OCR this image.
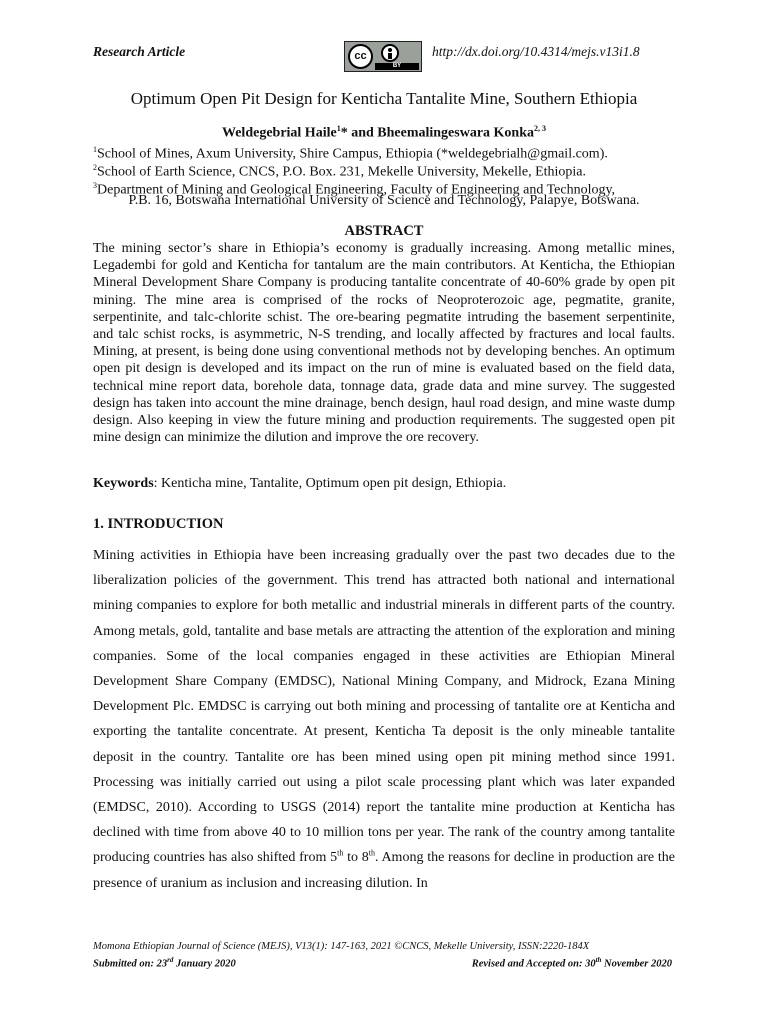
Research Article	cc
BY
http://dx.doi.org/10.4314/mejs.v13i1.8
Optimum Open Pit Design for Kenticha Tantalite Mine, Southern Ethiopia
Weldegebrial Haile$^1$* and Bheemalingeswara Konka$^{2, 3}$
$^1$School of Mines, Axum University, Shire Campus, Ethiopia (*weldegebrialh@gmail.com).
$^2$School of Earth Science, CNCS, P.O. Box. 231, Mekelle University, Mekelle, Ethiopia.
$^3$Department of Mining and Geological Engineering, Faculty of Engineering and Technology,
P.B. 16, Botswana International University of Science and Technology, Palapye, Botswana.
ABSTRACT

The mining sector’s share in Ethiopia’s economy is gradually increasing. Among metallic mines, Legadembi for gold and Kenticha for tantalum are the main contributors. At Kenticha, the Ethiopian Mineral Development Share Company is producing tantalite concentrate of 40-60% grade by open pit mining. The mine area is comprised of the rocks of Neoproterozoic age, pegmatite, granite, serpentinite, and talc-chlorite schist. The ore-bearing pegmatite intruding the basement serpentinite, and talc schist rocks, is asymmetric, N-S trending, and locally affected by fractures and local faults. Mining, at present, is being done using conventional methods not by developing benches. An optimum open pit design is developed and its impact on the run of mine is evaluated based on the field data, technical mine report data, borehole data, tonnage data, grade data and mine survey. The suggested design has taken into account the mine drainage, bench design, haul road design, and mine waste dump design. Also keeping in view the future mining and production requirements. The suggested open pit mine design can minimize the dilution and improve the ore recovery.

Keywords: Kenticha mine, Tantalite, Optimum open pit design, Ethiopia.

1. INTRODUCTION

Mining activities in Ethiopia have been increasing gradually over the past two decades due to the liberalization policies of the government. This trend has attracted both national and international mining companies to explore for both metallic and industrial minerals in different parts of the country. Among metals, gold, tantalite and base metals are attracting the attention of the exploration and mining companies. Some of the local companies engaged in these activities are Ethiopian Mineral Development Share Company (EMDSC), National Mining Company, and Midrock, Ezana Mining Development Plc. EMDSC is carrying out both mining and processing of tantalite ore at Kenticha and exporting the tantalite concentrate. At present, Kenticha Ta deposit is the only mineable tantalite deposit in the country. Tantalite ore has been mined using open pit mining method since 1991. Processing was initially carried out using a pilot scale processing plant which was later expanded (EMDSC, 2010). According to USGS (2014) report the tantalite mine production at Kenticha has declined with time from above 40 to 10 million tons per year. The rank of the country among tantalite producing countries has also shifted from 5th to 8th. Among the reasons for decline in production are the presence of uranium as inclusion and increasing dilution. In

Momona Ethiopian Journal of Science (MEJS), V13(1): 147-163, 2021 ©CNCS, Mekelle University, ISSN:2220-184X
Submitted on: 23rd January 2020	Revised and Accepted on: 30th November 2020
